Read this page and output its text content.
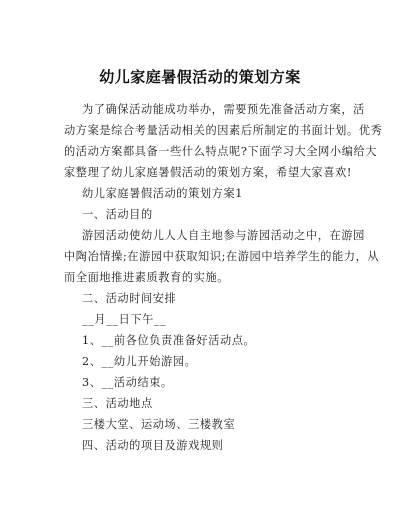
幼儿家庭暑假活动的策划方案
为了确保活动能成功举办，需要预先准备活动方案，活
动方案是综合考量活动相关的因素后所制定的书面计划。优秀
的活动方案都具备一些什么特点呢?下面学习大全网小编给大
家整理了幼儿家庭暑假活动的策划方案，希望大家喜欢!
幼儿家庭暑假活动的策划方案1
一、活动目的
游园活动使幼儿人人自主地参与游园活动之中，在游园
中陶冶情操;在游园中获取知识;在游园中培养学生的能力，从
而全面地推进素质教育的实施。
二、活动时间安排
__月__日下午__
1、__前各位负责准备好活动点。
2、__幼儿开始游园。
3、__活动结束。
三、活动地点
三楼大堂、运动场、三楼教室
四、活动的项目及游戏规则
